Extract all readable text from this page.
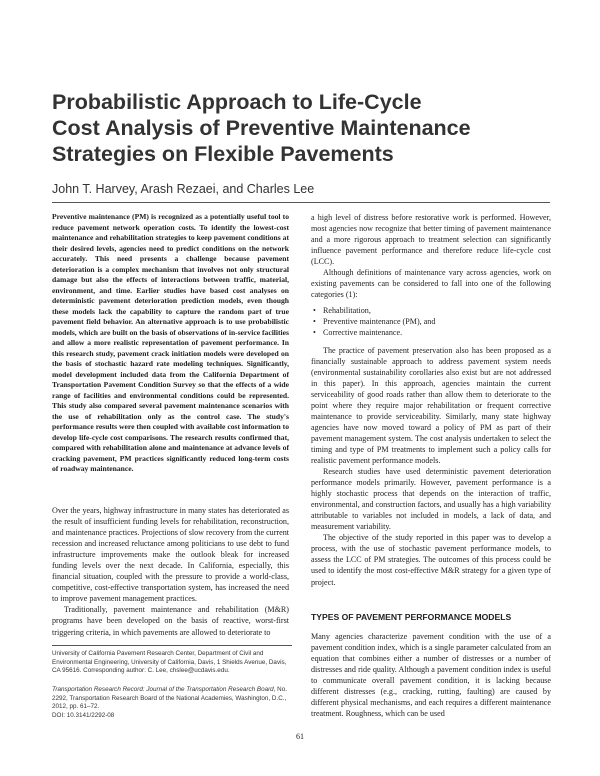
Probabilistic Approach to Life-Cycle
Cost Analysis of Preventive Maintenance
Strategies on Flexible Pavements
John T. Harvey, Arash Rezaei, and Charles Lee

Preventive maintenance (PM) is recognized as a potentially useful tool to reduce pavement network operation costs. To identify the lowest-cost maintenance and rehabilitation strategies to keep pavement conditions at their desired levels, agencies need to predict conditions on the network accurately. This need presents a challenge because pavement deterioration is a complex mechanism that involves not only structural damage but also the effects of interactions between traffic, material, environment, and time. Earlier studies have based cost analyses on deterministic pavement deterioration prediction models, even though these models lack the capability to capture the random part of true pavement field behavior. An alternative approach is to use probabilistic models, which are built on the basis of observations of in-service facilities and allow a more realistic representation of pavement performance. In this research study, pavement crack initiation models were developed on the basis of stochastic hazard rate modeling techniques. Significantly, model development included data from the California Department of Transportation Pavement Condition Survey so that the effects of a wide range of facilities and environmental conditions could be represented. This study also compared several pavement maintenance scenarios with the use of rehabilitation only as the control case. The study's performance results were then coupled with available cost information to develop life-cycle cost comparisons. The research results confirmed that, compared with rehabilitation alone and maintenance at advance levels of cracking pavement, PM practices significantly reduced long-term costs of roadway maintenance.

Over the years, highway infrastructure in many states has deteriorated as the result of insufficient funding levels for rehabilitation, reconstruction, and maintenance practices. Projections of slow recovery from the current recession and increased reluctance among politicians to use debt to fund infrastructure improvements make the outlook bleak for increased funding levels over the next decade. In California, especially, this financial situation, coupled with the pressure to provide a world-class, competitive, cost-effective transportation system, has increased the need to improve pavement management practices.

Traditionally, pavement maintenance and rehabilitation (M&R) programs have been developed on the basis of reactive, worst-first triggering criteria, in which pavements are allowed to deteriorate to

University of California Pavement Research Center, Department of Civil and Environmental Engineering, University of California, Davis, 1 Shields Avenue, Davis, CA 95616. Corresponding author: C. Lee, chslee@ucdavis.edu.

Transportation Research Record: Journal of the Transportation Research Board, No. 2292, Transportation Research Board of the National Academies, Washington, D.C., 2012, pp. 61–72.
DOI: 10.3141/2292-08

a high level of distress before restorative work is performed. However, most agencies now recognize that better timing of pavement maintenance and a more rigorous approach to treatment selection can significantly influence pavement performance and therefore reduce life-cycle cost (LCC).

Although definitions of maintenance vary across agencies, work on existing pavements can be considered to fall into one of the following categories (1):

• Rehabilitation,
• Preventive maintenance (PM), and
• Corrective maintenance.

The practice of pavement preservation also has been proposed as a financially sustainable approach to address pavement system needs (environmental sustainability corollaries also exist but are not addressed in this paper). In this approach, agencies maintain the current serviceability of good roads rather than allow them to deteriorate to the point where they require major rehabilitation or frequent corrective maintenance to provide serviceability. Similarly, many state highway agencies have now moved toward a policy of PM as part of their pavement management system. The cost analysis undertaken to select the timing and type of PM treatments to implement such a policy calls for realistic pavement performance models.

Research studies have used deterministic pavement deterioration performance models primarily. However, pavement performance is a highly stochastic process that depends on the interaction of traffic, environmental, and construction factors, and usually has a high variability attributable to variables not included in models, a lack of data, and measurement variability.

The objective of the study reported in this paper was to develop a process, with the use of stochastic pavement performance models, to assess the LCC of PM strategies. The outcomes of this process could be used to identify the most cost-effective M&R strategy for a given type of project.

TYPES OF PAVEMENT PERFORMANCE MODELS

Many agencies characterize pavement condition with the use of a pavement condition index, which is a single parameter calculated from an equation that combines either a number of distresses or a number of distresses and ride quality. Although a pavement condition index is useful to communicate overall pavement condition, it is lacking because different distresses (e.g., cracking, rutting, faulting) are caused by different physical mechanisms, and each requires a different maintenance treatment. Roughness, which can be used

61
